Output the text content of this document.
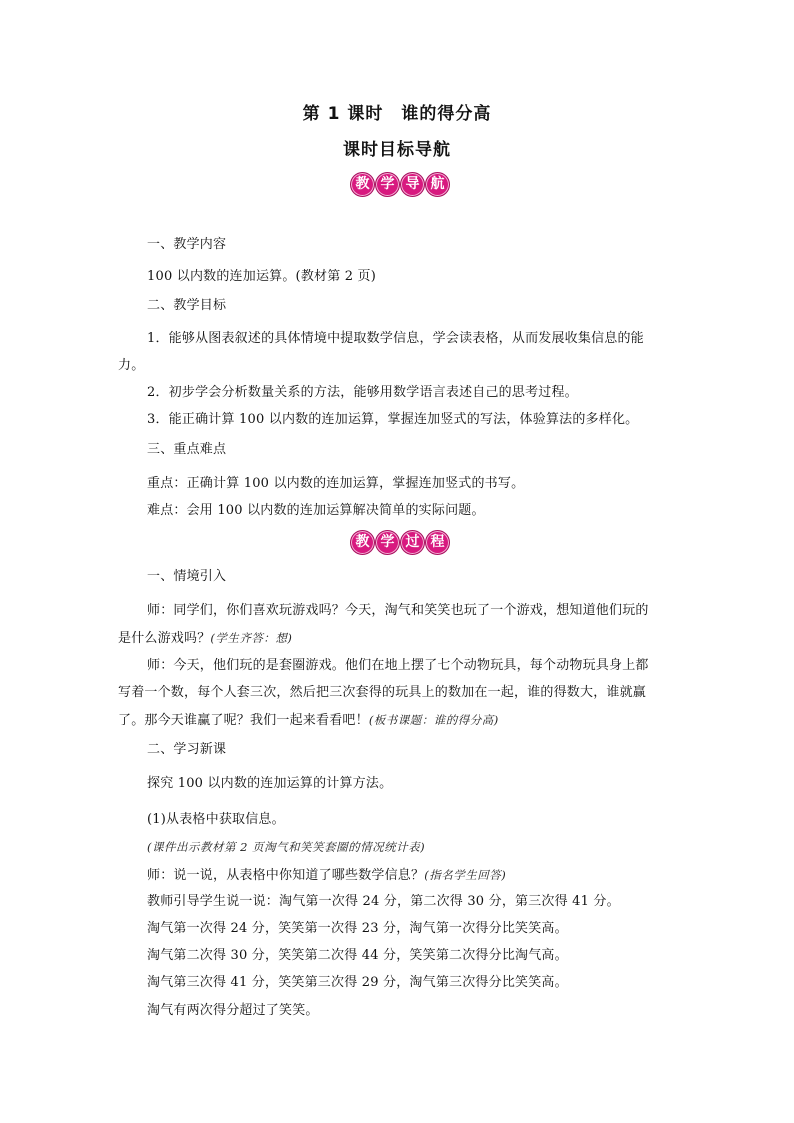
第 1 课时　谁的得分高
课时目标导航
教 学 导 航
一、教学内容
100 以内数的连加运算。(教材第 2 页)
二、教学目标
1．能够从图表叙述的具体情境中提取数学信息，学会读表格，从而发展收集信息的能
力。
2．初步学会分析数量关系的方法，能够用数学语言表述自己的思考过程。
3．能正确计算 100 以内数的连加运算，掌握连加竖式的写法，体验算法的多样化。
三、重点难点
重点：正确计算 100 以内数的连加运算，掌握连加竖式的书写。
难点：会用 100 以内数的连加运算解决简单的实际问题。
教 学 过 程
一、情境引入
师：同学们，你们喜欢玩游戏吗？今天，淘气和笑笑也玩了一个游戏，想知道他们玩的
是什么游戏吗？(学生齐答：想)
师：今天，他们玩的是套圈游戏。他们在地上摆了七个动物玩具，每个动物玩具身上都
写着一个数，每个人套三次，然后把三次套得的玩具上的数加在一起，谁的得数大，谁就赢
了。那今天谁赢了呢？我们一起来看看吧！(板书课题：谁的得分高)
二、学习新课
探究 100 以内数的连加运算的计算方法。
(1)从表格中获取信息。
(课件出示教材第 2 页淘气和笑笑套圈的情况统计表)
师：说一说，从表格中你知道了哪些数学信息？(指名学生回答)
教师引导学生说一说：淘气第一次得 24 分，第二次得 30 分，第三次得 41 分。
淘气第一次得 24 分，笑笑第一次得 23 分，淘气第一次得分比笑笑高。
淘气第二次得 30 分，笑笑第二次得 44 分，笑笑第二次得分比淘气高。
淘气第三次得 41 分，笑笑第三次得 29 分，淘气第三次得分比笑笑高。
淘气有两次得分超过了笑笑。
